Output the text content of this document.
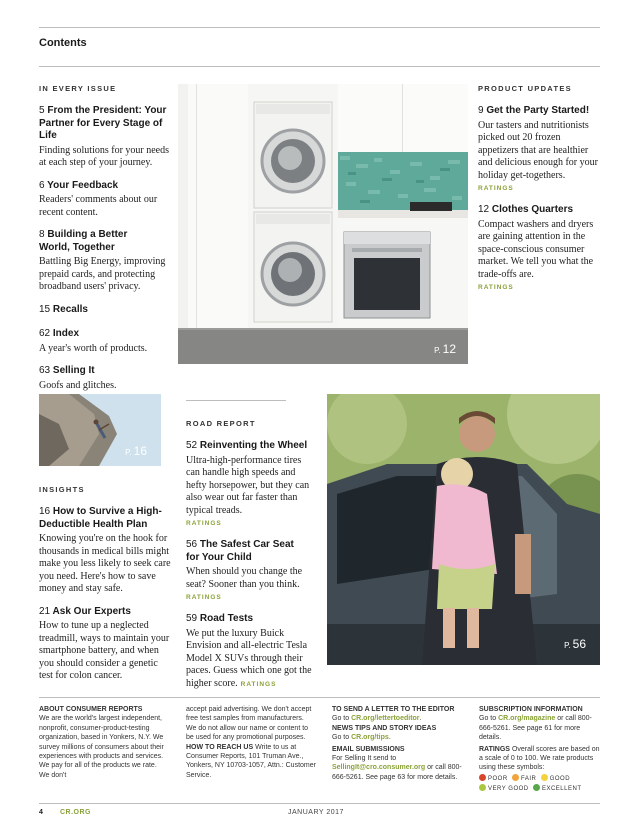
Contents
IN EVERY ISSUE
5 From the President: Your Partner for Every Stage of Life
Finding solutions for your needs at each step of your journey.
6 Your Feedback
Readers' comments about our recent content.
8 Building a Better World, Together
Battling Big Energy, improving prepaid cards, and protecting broadband users' privacy.
15 Recalls
62 Index
A year's worth of products.
63 Selling It
Goofs and glitches.
P. 12
PRODUCT UPDATES
9 Get the Party Started!
Our tasters and nutritionists picked out 20 frozen appetizers that are healthier and delicious enough for your holiday get-togethers.
RATINGS
12 Clothes Quarters
Compact washers and dryers are gaining attention in the space-conscious consumer market. We tell you what the trade-offs are.
RATINGS
P. 16
INSIGHTS
16 How to Survive a High-Deductible Health Plan
Knowing you're on the hook for thousands in medical bills might make you less likely to seek care you need. Here's how to save money and stay safe.
21 Ask Our Experts
How to tune up a neglected treadmill, ways to maintain your smartphone battery, and when you should consider a genetic test for colon cancer.
ROAD REPORT
52 Reinventing the Wheel
Ultra-high-performance tires can handle high speeds and hefty horsepower, but they can also wear out far faster than typical treads.
RATINGS
56 The Safest Car Seat for Your Child
When should you change the seat? Sooner than you think.
RATINGS
59 Road Tests
We put the luxury Buick Envision and all-electric Tesla Model X SUVs through their paces. Guess which one got the higher score. RATINGS
P. 56
ABOUT CONSUMER REPORTS
We are the world's largest independent, nonprofit, consumer-product-testing organization, based in Yonkers, N.Y. We survey millions of consumers about their experiences with products and services. We pay for all of the products we rate. We don't
accept paid advertising. We don't accept free test samples from manufacturers. We do not allow our name or content to be used for any promotional purposes.
HOW TO REACH US Write to us at Consumer Reports, 101 Truman Ave., Yonkers, NY 10703-1057, Attn.: Customer Service.
TO SEND A LETTER TO THE EDITOR
Go to CR.org/lettertoeditor.
NEWS TIPS AND STORY IDEAS
Go to CR.org/tips.
EMAIL SUBMISSIONS
For Selling It send to
SellingIt@cro.consumer.org or call 800-666-5261. See page 63 for more details.
SUBSCRIPTION INFORMATION
Go to CR.org/magazine or call 800-666-5261. See page 61 for more details.
RATINGS Overall scores are based on a scale of 0 to 100. We rate products using these symbols:
POOR FAIR GOOD
VERY GOOD EXCELLENT
4 CR.ORG	JANUARY 2017
